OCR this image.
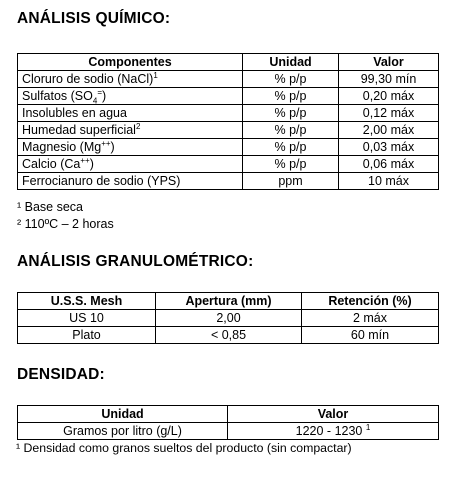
ANÁLISIS QUÍMICO:
Componentes	Unidad	Valor
Cloruro de sodio (NaCl)$^1$	% p/p	99,30 mín
Sulfatos $(SO_4^=)$	% p/p	0,20 máx
Insolubles en agua	% p/p	0,12 máx
Humedad superficial$^2$	% p/p	2,00 máx
Magnesio (Mg++)	% p/p	0,03 máx
Calcio (Ca++)	% p/p	0,06 máx
Ferrocianuro de sodio (YPS)	ppm	10 máx

¹ Base seca

² 110ºC – 2 horas

ANÁLISIS GRANULOMÉTRICO:
U.S.S. Mesh	Apertura (mm)	Retención (%)
US 10	2,00	2 máx
Plato	< 0,85	60 mín
DENSIDAD:
Unidad	Valor
Gramos por litro (g/L)	1220 - 1230 $^1$

¹ Densidad como granos sueltos del producto (sin compactar)
